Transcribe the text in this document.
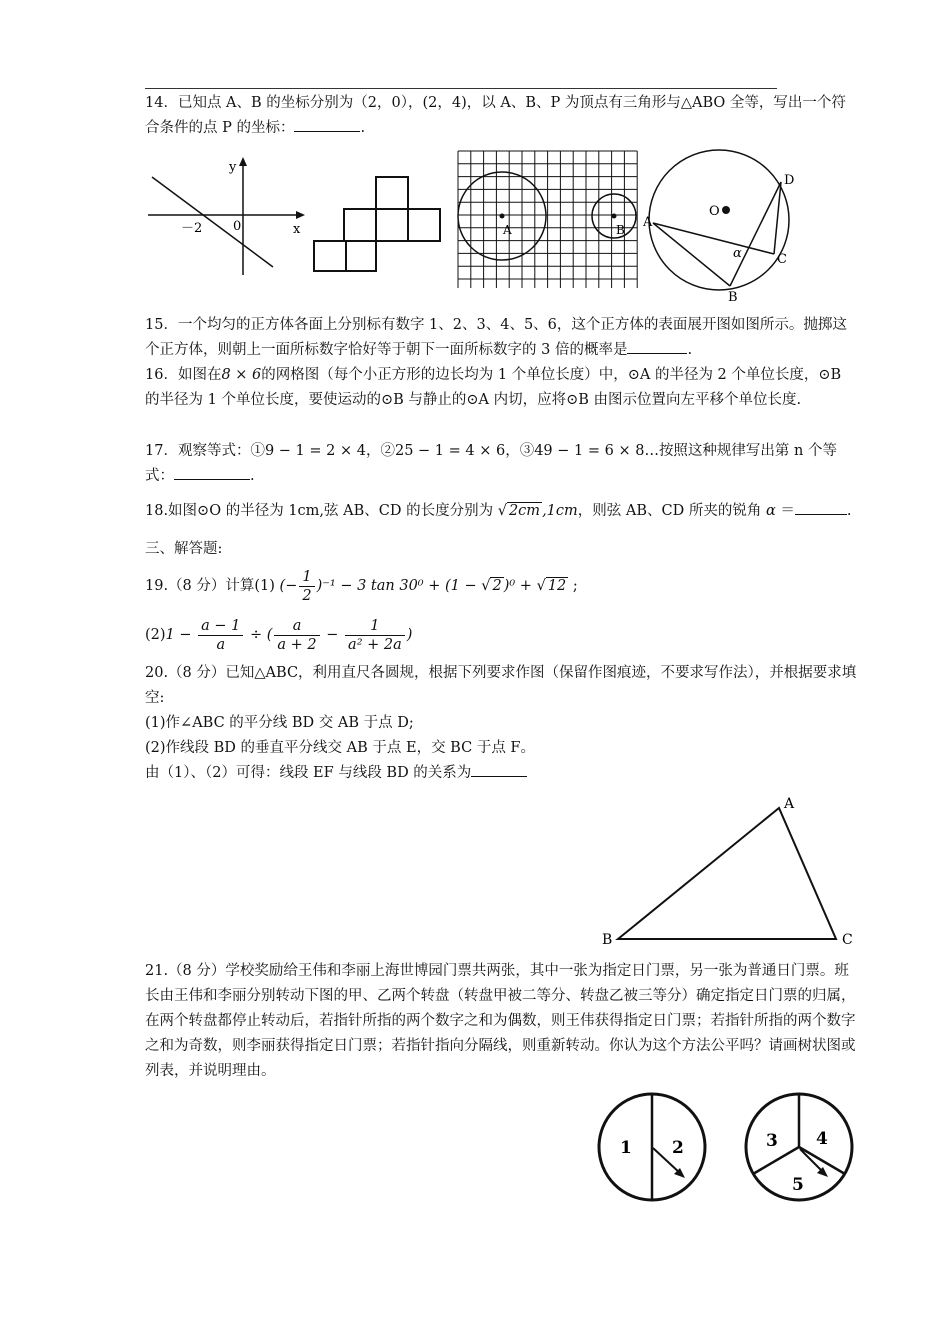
14．已知点 A、B 的坐标分别为（2，0），(2，4)，以 A、B、P 为顶点有三角形与△ABO 全等，写出一个符合条件的点 P 的坐标：	.

x
y
－2 0	A	B
O
A
B
C
D
α

15．一个均匀的正方体各面上分别标有数字 1、2、3、4、5、6，这个正方体的表面展开图如图所示。抛掷这个正方体，则朝上一面所标数字恰好等于朝下一面所标数字的 3 倍的概率是	.

16．如图在8 × 6的网格图（每个小正方形的边长均为 1 个单位长度）中，⊙A 的半径为 2 个单位长度，⊙B 的半径为 1 个单位长度，要使运动的⊙B 与静止的⊙A 内切，应将⊙B 由图示位置向左平移个单位长度.

17．观察等式：①9 − 1 = 2 × 4，②25 − 1 = 4 × 6，③49 − 1 = 6 × 8…按照这种规律写出第 n 个等式：	.

18.如图⊙O 的半径为 1cm,弦 AB、CD 的长度分别为 √ 2cm ,1cm，则弦 AB、CD 所夹的锐角 α ＝	.

三、解答题:

19.（8 分）计算(1) (− $\frac{1}{2} )^{-1} - 3$ tan 30⁰ + (1 − √ 2 )⁰ + √ 12 ;

$(2)1 - \frac{a - 1}{a}$ ÷ ( $\frac{a}{a + 2} - \frac{1}{\text{a² + 2a}}$ )

20.（8 分）已知△ABC，利用直尺各圆规，根据下列要求作图（保留作图痕迹，不要求写作法），并根据要求填空:

(1)作∠ABC 的平分线 BD 交 AB 于点 D;

(2)作线段 BD 的垂直平分线交 AB 于点 E，交 BC 于点 F。

由（1）、（2）可得：线段 EF 与线段 BD 的关系为

A
B	C

21.（8 分）学校奖励给王伟和李丽上海世博园门票共两张，其中一张为指定日门票，另一张为普通日门票。班长由王伟和李丽分别转动下图的甲、乙两个转盘（转盘甲被二等分、转盘乙被三等分）确定指定日门票的归属，在两个转盘都停止转动后，若指针所指的两个数字之和为偶数，则王伟获得指定日门票；若指针所指的两个数字之和为奇数，则李丽获得指定日门票；若指针指向分隔线，则重新转动。你认为这个方法公平吗？请画树状图或列表，并说明理由。

1 2	3 4
5
